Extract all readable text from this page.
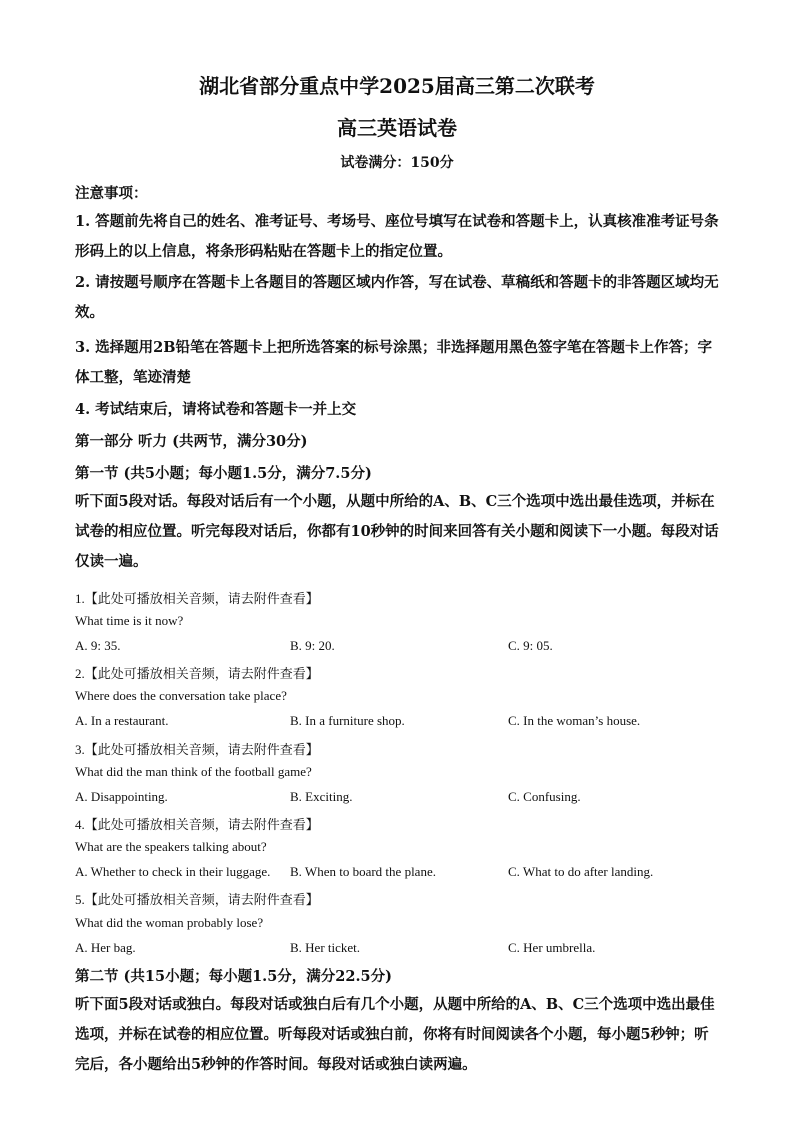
湖北省部分重点中学2025届高三第二次联考
高三英语试卷
试卷满分：150分
注意事项：
1. 答题前先将自己的姓名、准考证号、考场号、座位号填写在试卷和答题卡上，认真核准准考证号条形码上的以上信息，将条形码粘贴在答题卡上的指定位置。
2. 请按题号顺序在答题卡上各题目的答题区域内作答，写在试卷、草稿纸和答题卡的非答题区域均无效。
3. 选择题用2B铅笔在答题卡上把所选答案的标号涂黑；非选择题用黑色签字笔在答题卡上作答；字体工整，笔迹清楚
4. 考试结束后，请将试卷和答题卡一并上交
第一部分 听力 (共两节，满分30分)
第一节 (共5小题；每小题1.5分，满分7.5分)
听下面5段对话。每段对话后有一个小题，从题中所给的A、B、C三个选项中选出最佳选项，并标在试卷的相应位置。听完每段对话后，你都有10秒钟的时间来回答有关小题和阅读下一小题。每段对话仅读一遍。
1.【此处可播放相关音频，请去附件查看】
What time is it now?
A. 9: 35.	B. 9: 20.	C. 9: 05.
2.【此处可播放相关音频，请去附件查看】
Where does the conversation take place?
A. In a restaurant.	B. In a furniture shop.	C. In the woman’s house.
3.【此处可播放相关音频，请去附件查看】
What did the man think of the football game?
A. Disappointing.	B. Exciting.	C. Confusing.
4.【此处可播放相关音频，请去附件查看】
What are the speakers talking about?
A. Whether to check in their luggage. B. When to board the plane.	C. What to do after landing.
5.【此处可播放相关音频，请去附件查看】
What did the woman probably lose?
A. Her bag.	B. Her ticket.	C. Her umbrella.
第二节 (共15小题；每小题1.5分，满分22.5分)
听下面5段对话或独白。每段对话或独白后有几个小题，从题中所给的A、B、C三个选项中选出最佳选项，并标在试卷的相应位置。听每段对话或独白前，你将有时间阅读各个小题，每小题5秒钟；听完后，各小题给出5秒钟的作答时间。每段对话或独白读两遍。
